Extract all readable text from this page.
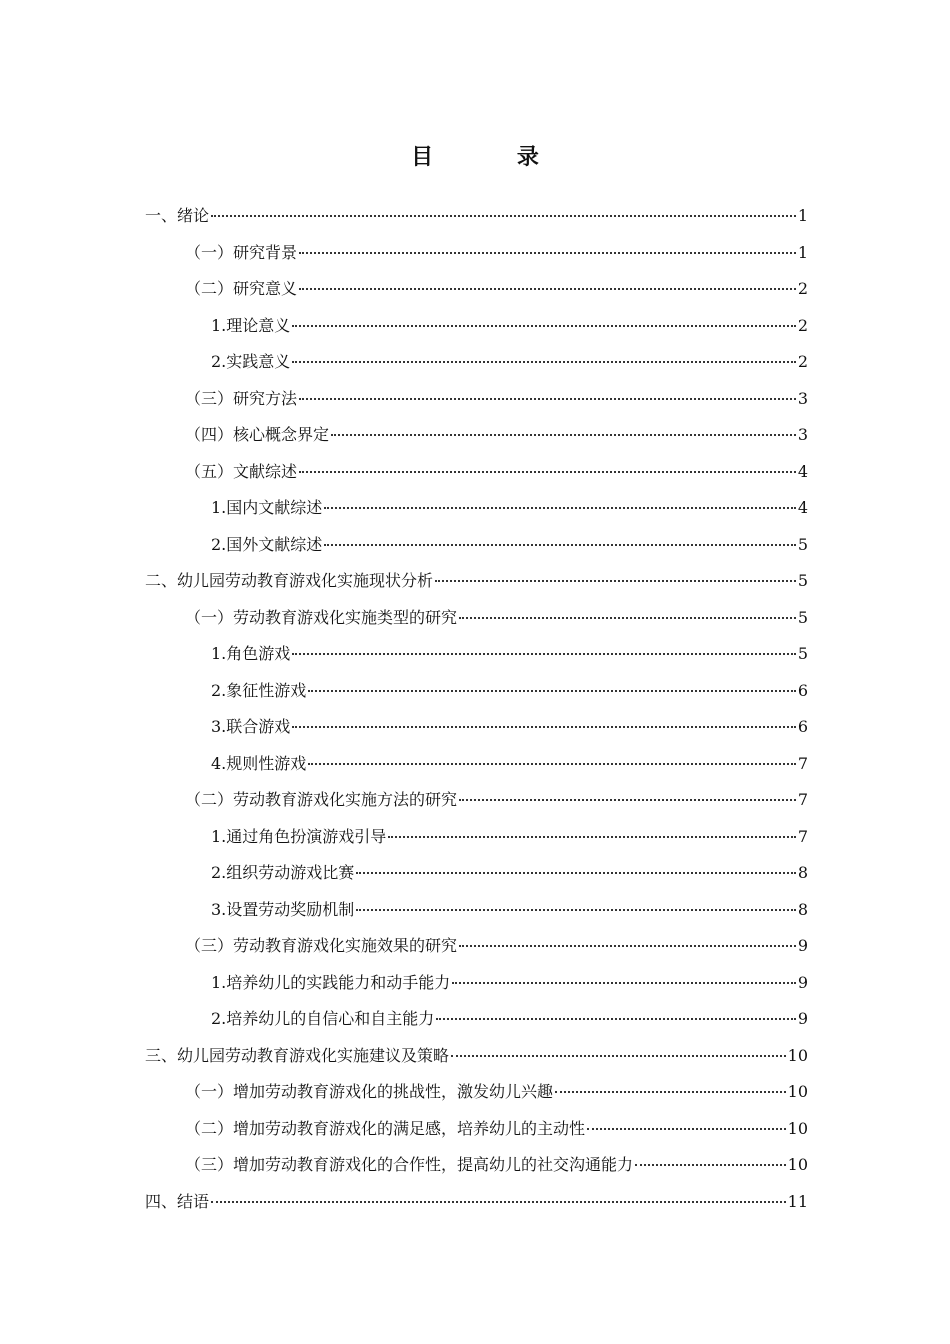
目 录
一、绪论	1
（一）研究背景	1
（二）研究意义	2
1.理论意义	2
2.实践意义	2
（三）研究方法	3
（四）核心概念界定	3
（五）文献综述	4
1.国内文献综述	4
2.国外文献综述	5
二、幼儿园劳动教育游戏化实施现状分析	5
（一）劳动教育游戏化实施类型的研究	5
1.角色游戏	5
2.象征性游戏	6
3.联合游戏	6
4.规则性游戏	7
（二）劳动教育游戏化实施方法的研究	7
1.通过角色扮演游戏引导	7
2.组织劳动游戏比赛	8
3.设置劳动奖励机制	8
（三）劳动教育游戏化实施效果的研究	9
1.培养幼儿的实践能力和动手能力	9
2.培养幼儿的自信心和自主能力	9
三、幼儿园劳动教育游戏化实施建议及策略	10
（一）增加劳动教育游戏化的挑战性，激发幼儿兴趣	10
（二）增加劳动教育游戏化的满足感，培养幼儿的主动性	10
（三）增加劳动教育游戏化的合作性，提高幼儿的社交沟通能力	10
四、结语	11
